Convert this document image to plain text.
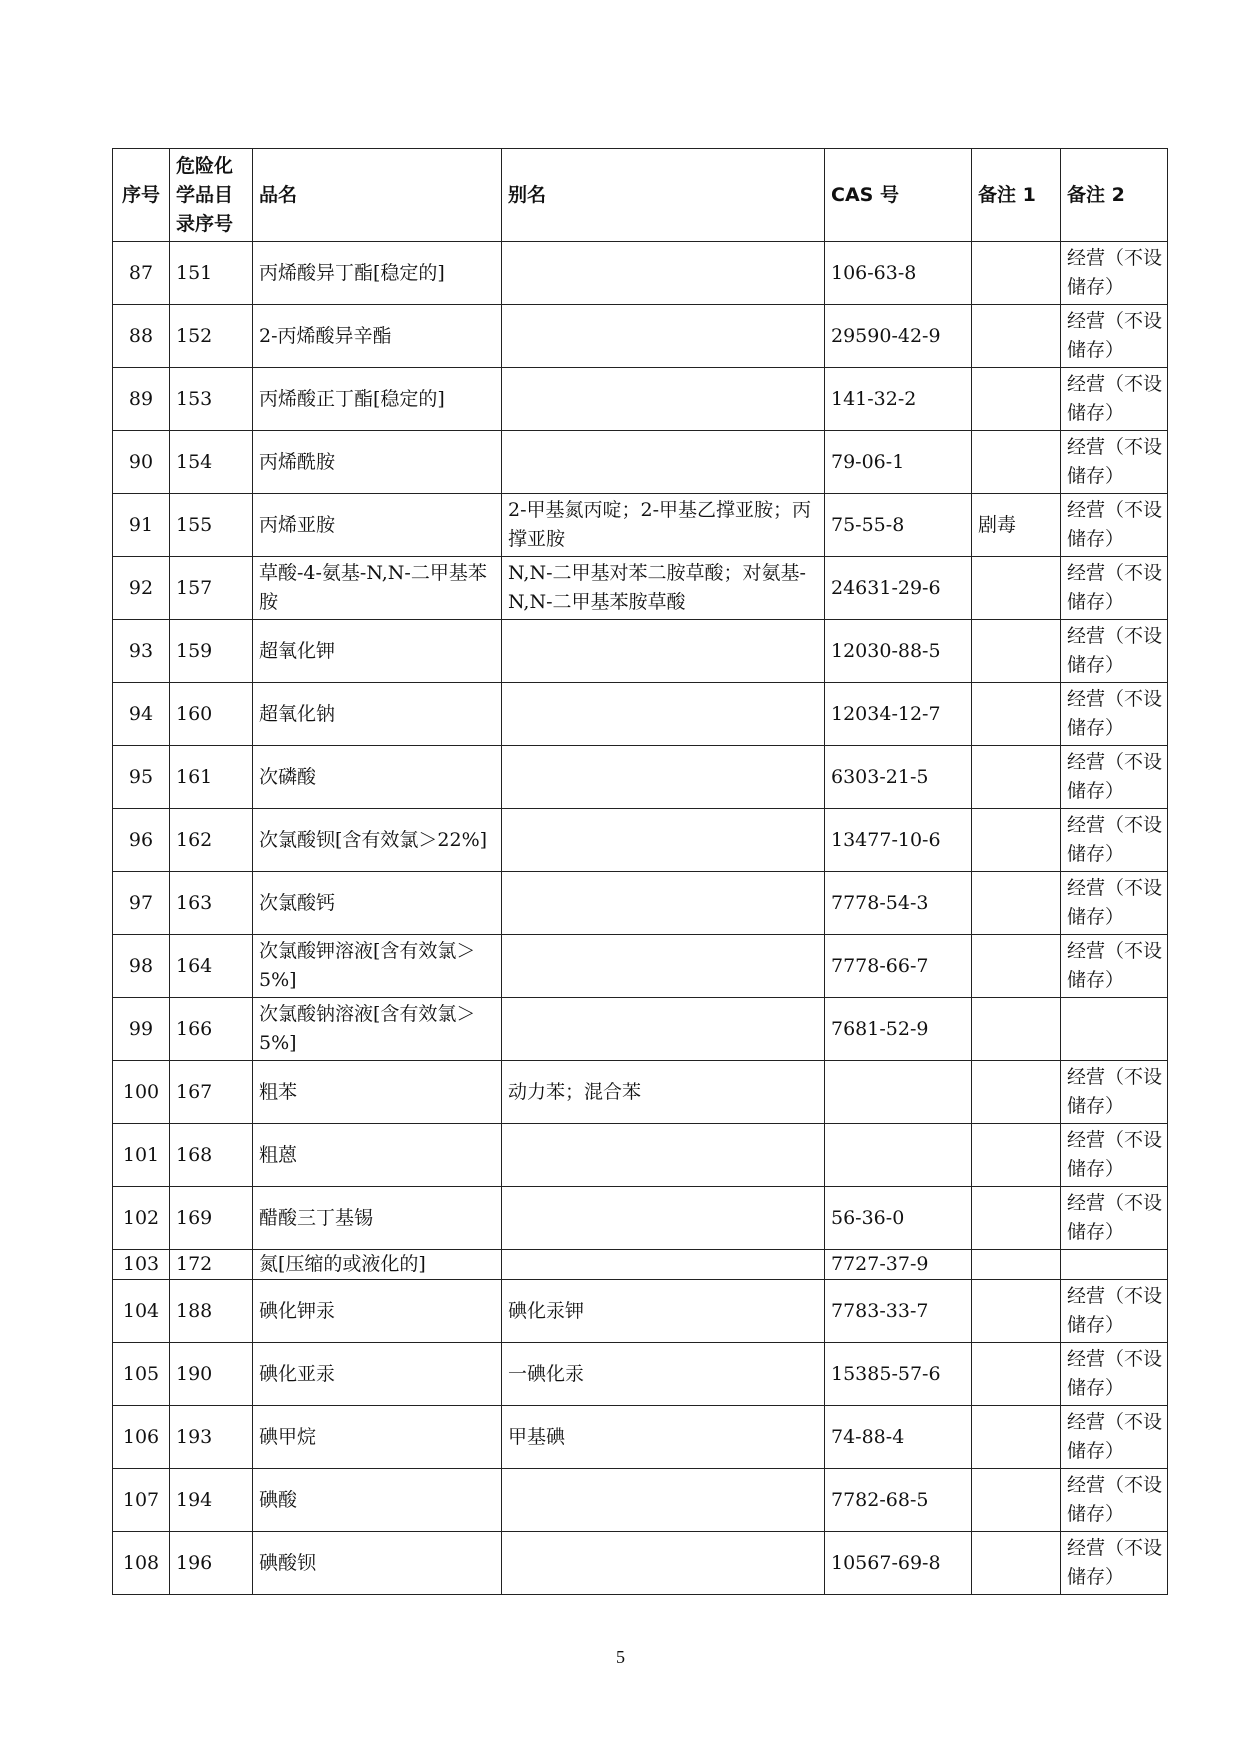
序号	危险化学品目录序号	品名	别名	CAS 号	备注 1	备注 2
87	151	丙烯酸异丁酯[稳定的]		106-63-8		经营（不设储存）
88	152	2-丙烯酸异辛酯		29590-42-9		经营（不设储存）
89	153	丙烯酸正丁酯[稳定的]		141-32-2		经营（不设储存）
90	154	丙烯酰胺		79-06-1		经营（不设储存）
91	155	丙烯亚胺	2-甲基氮丙啶；2-甲基乙撑亚胺；丙撑亚胺	75-55-8	剧毒	经营（不设储存）
92	157	草酸-4-氨基-N,N-二甲基苯胺	N,N-二甲基对苯二胺草酸；对氨基-N,N-二甲基苯胺草酸	24631-29-6		经营（不设储存）
93	159	超氧化钾		12030-88-5		经营（不设储存）
94	160	超氧化钠		12034-12-7		经营（不设储存）
95	161	次磷酸		6303-21-5		经营（不设储存）
96	162	次氯酸钡[含有效氯＞22%]		13477-10-6		经营（不设储存）
97	163	次氯酸钙		7778-54-3		经营（不设储存）
98	164	次氯酸钾溶液[含有效氯＞5%]		7778-66-7		经营（不设储存）
99	166	次氯酸钠溶液[含有效氯＞5%]		7681-52-9		
100	167	粗苯	动力苯；混合苯			经营（不设储存）
101	168	粗蒽				经营（不设储存）
102	169	醋酸三丁基锡		56-36-0		经营（不设储存）
103	172	氮[压缩的或液化的]		7727-37-9		
104	188	碘化钾汞	碘化汞钾	7783-33-7		经营（不设储存）
105	190	碘化亚汞	一碘化汞	15385-57-6		经营（不设储存）
106	193	碘甲烷	甲基碘	74-88-4		经营（不设储存）
107	194	碘酸		7782-68-5		经营（不设储存）
108	196	碘酸钡		10567-69-8		经营（不设储存）
5
